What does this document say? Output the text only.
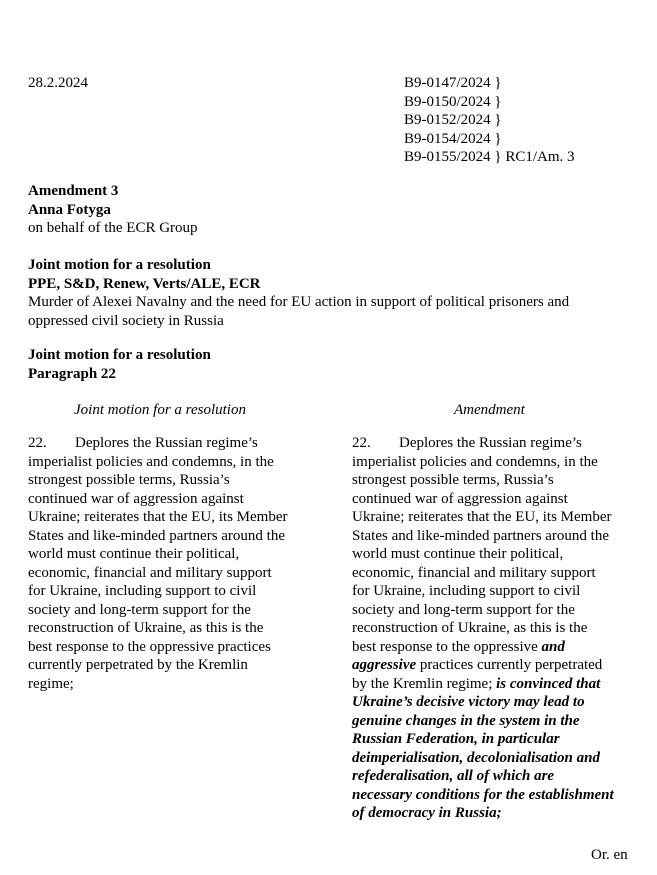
28.2.2024	B9-0147/2024 }
B9-0150/2024 }
B9-0152/2024 }
B9-0154/2024 }
B9-0155/2024 } RC1/Am. 3
Amendment 3
Anna Fotyga
on behalf of the ECR Group
Joint motion for a resolution
PPE, S&D, Renew, Verts/ALE, ECR
Murder of Alexei Navalny and the need for EU action in support of political prisoners and
oppressed civil society in Russia
Joint motion for a resolution
Paragraph 22
Joint motion for a resolution	Amendment
22. Deplores the Russian regime’s
imperialist policies and condemns, in the
strongest possible terms, Russia’s
continued war of aggression against
Ukraine; reiterates that the EU, its Member
States and like-minded partners around the
world must continue their political,
economic, financial and military support
for Ukraine, including support to civil
society and long-term support for the
reconstruction of Ukraine, as this is the
best response to the oppressive practices
currently perpetrated by the Kremlin
regime;
22. Deplores the Russian regime’s
imperialist policies and condemns, in the
strongest possible terms, Russia’s
continued war of aggression against
Ukraine; reiterates that the EU, its Member
States and like-minded partners around the
world must continue their political,
economic, financial and military support
for Ukraine, including support to civil
society and long-term support for the
reconstruction of Ukraine, as this is the
best response to the oppressive and
aggressive practices currently perpetrated
by the Kremlin regime; is convinced that
Ukraine’s decisive victory may lead to
genuine changes in the system in the
Russian Federation, in particular
deimperialisation, decolonialisation and
refederalisation, all of which are
necessary conditions for the establishment
of democracy in Russia;
Or. en
